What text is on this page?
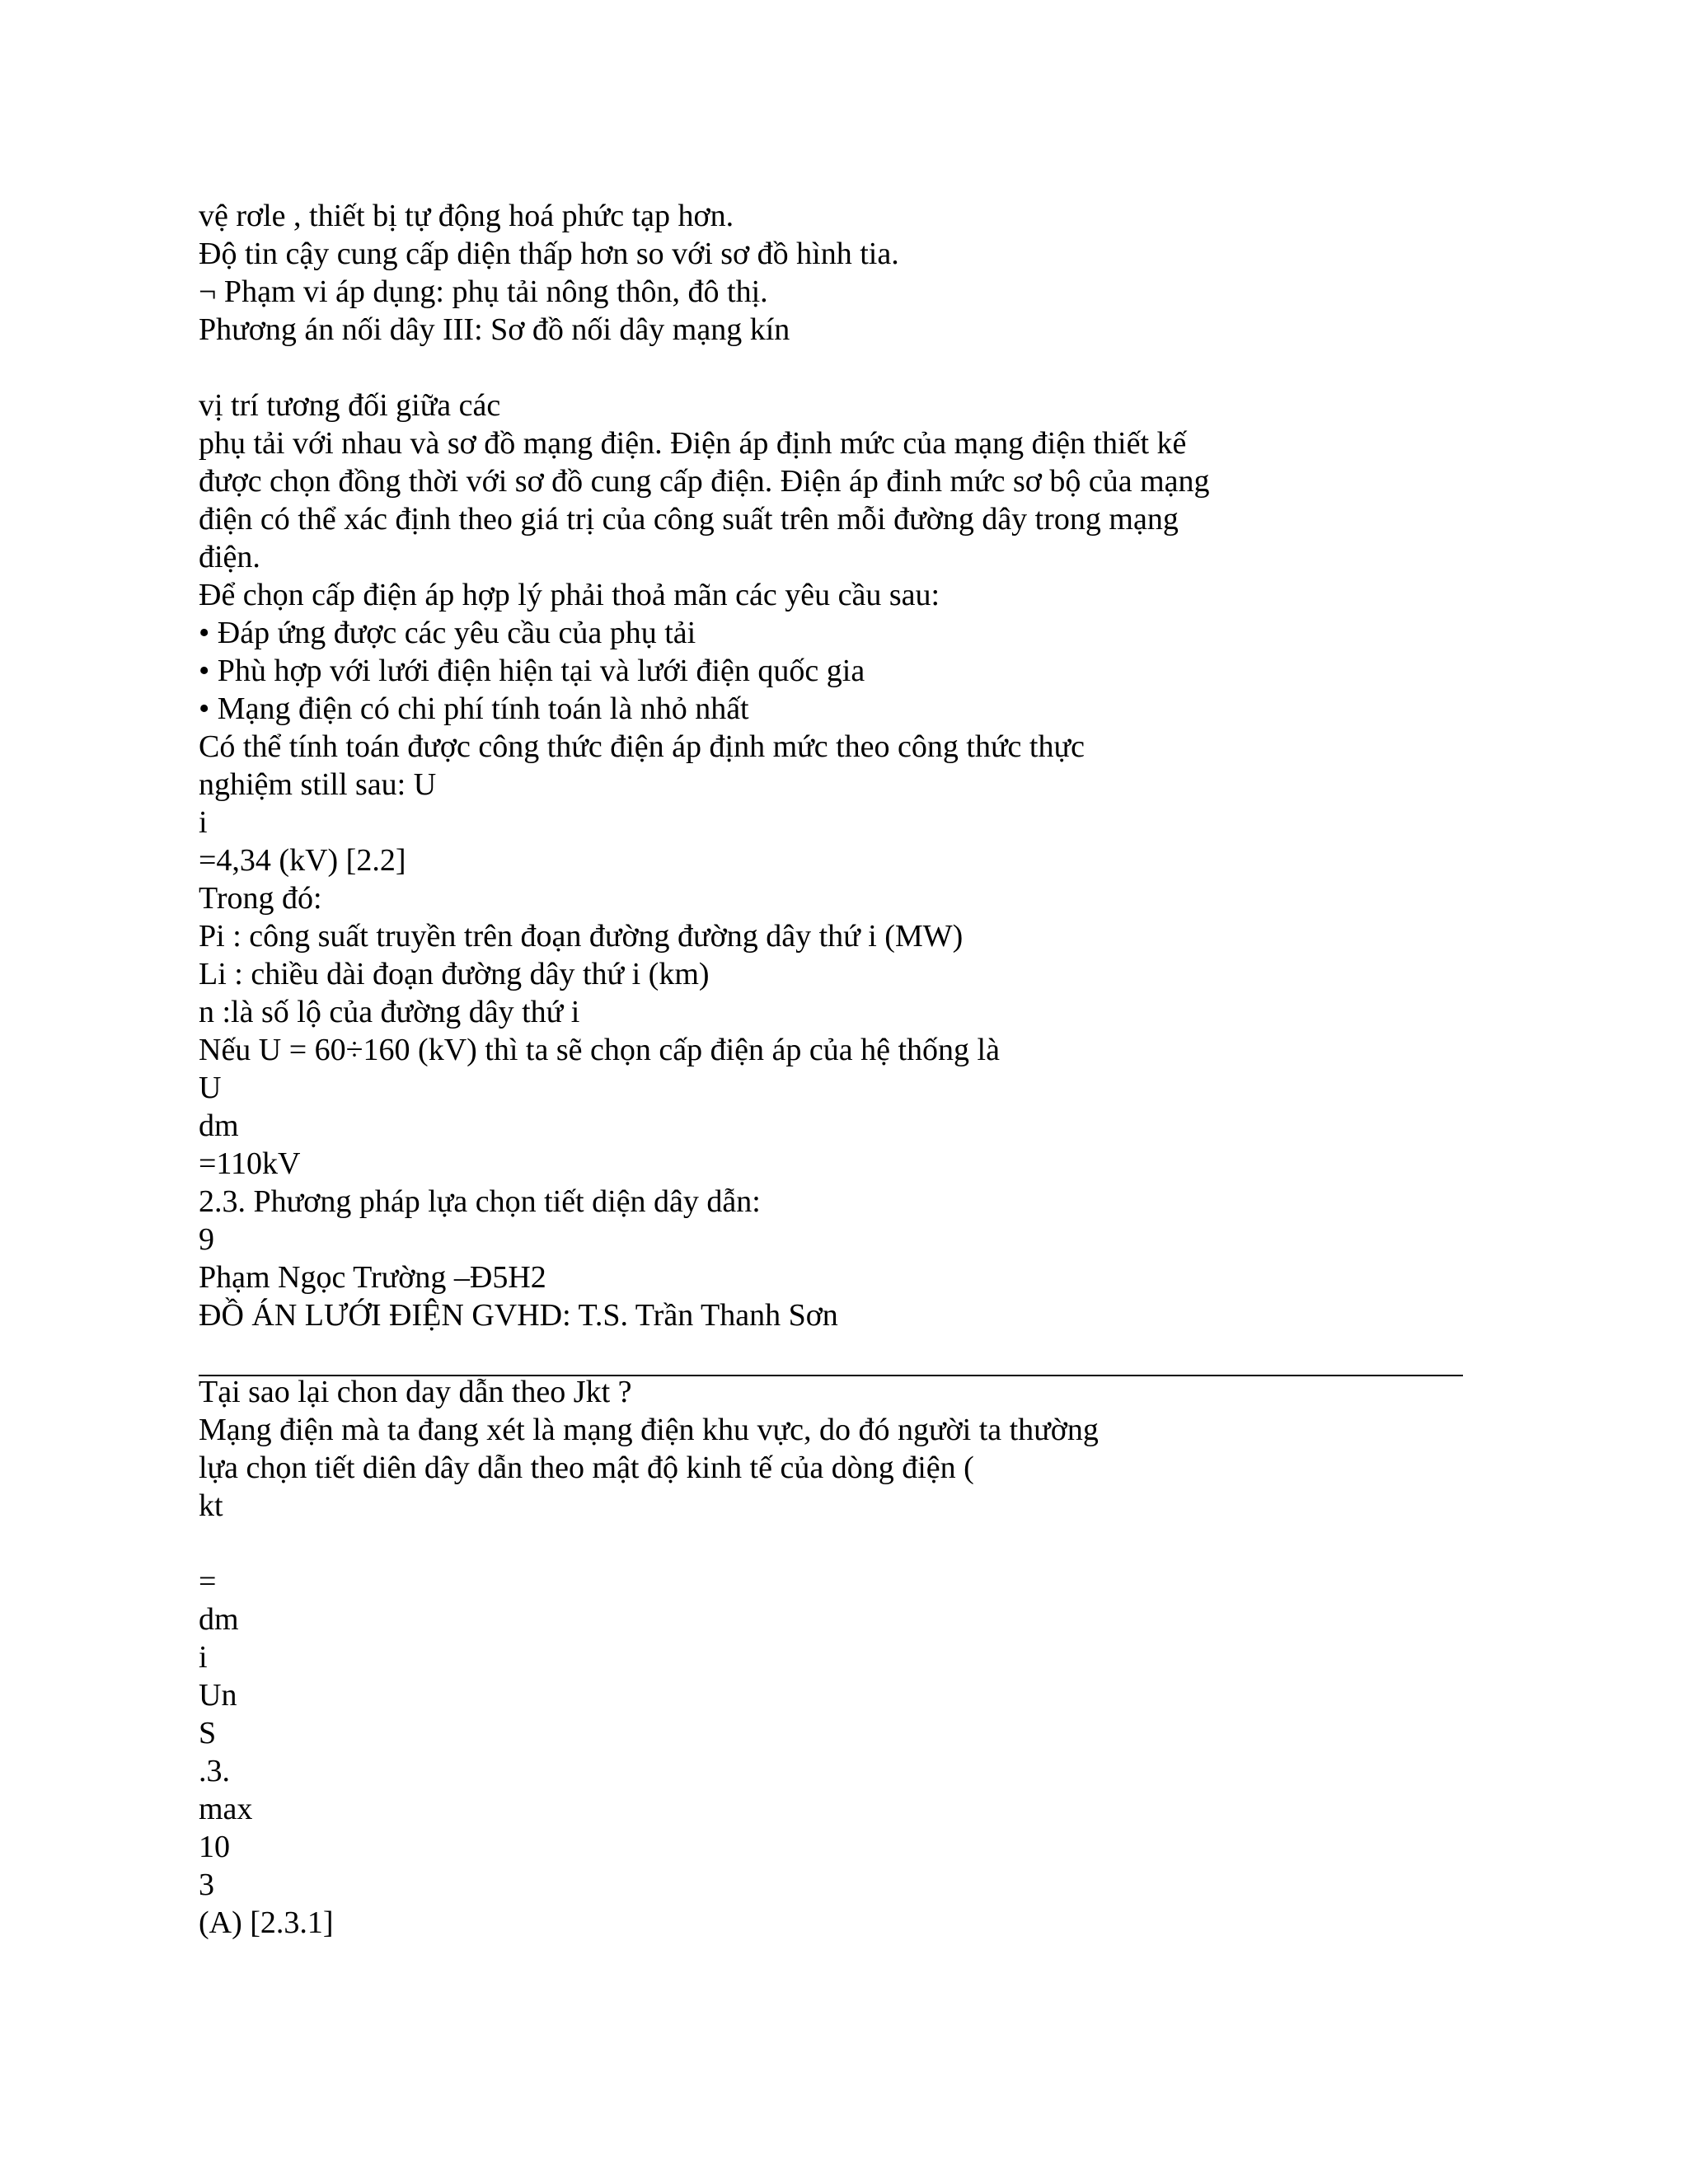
vệ rơle , thiết bị tự động hoá phức tạp hơn.

Độ tin cậy cung cấp diện thấp hơn so với sơ đồ hình tia.

¬ Phạm vi áp dụng: phụ tải nông thôn, đô thị.

Phương án nối dây III: Sơ đồ nối dây mạng kín

vị trí tương đối giữa các

phụ tải với nhau và sơ đồ mạng điện. Điện áp định mức của mạng điện thiết kế

được chọn đồng thời với sơ đồ cung cấp điện. Điện áp đinh mức sơ bộ của mạng

điện có thể xác định theo giá trị của công suất trên mỗi đường dây trong mạng

điện.

Để chọn cấp điện áp hợp lý phải thoả mãn các yêu cầu sau:

• Đáp ứng được các yêu cầu của phụ tải

• Phù hợp với lưới điện hiện tại và lưới điện quốc gia

• Mạng điện có chi phí tính toán là nhỏ nhất

Có thể tính toán được công thức điện áp định mức theo công thức thực

nghiệm still sau: U

i

=4,34 (kV) [2.2]

Trong đó:

Pi : công suất truyền trên đoạn đường đường dây thứ i (MW)

Li : chiều dài đoạn đường dây thứ i (km)

n :là số lộ của đường dây thứ i

Nếu U = 60÷160 (kV) thì ta sẽ chọn cấp điện áp của hệ thống là

U

dm

=110kV

2.3. Phương pháp lựa chọn tiết diện dây dẫn:

9

Phạm Ngọc Trường –Đ5H2

ĐỒ ÁN LƯỚI ĐIỆN GVHD: T.S. Trần Thanh Sơn

Tại sao lại chon day dẫn theo Jkt ?

Mạng điện mà ta đang xét là mạng điện khu vực, do đó người ta thường

lựa chọn tiết diên dây dẫn theo mật độ kinh tế của dòng điện (

kt

=

dm

i

Un

S

.3.

max

10

3

(A) [2.3.1]
